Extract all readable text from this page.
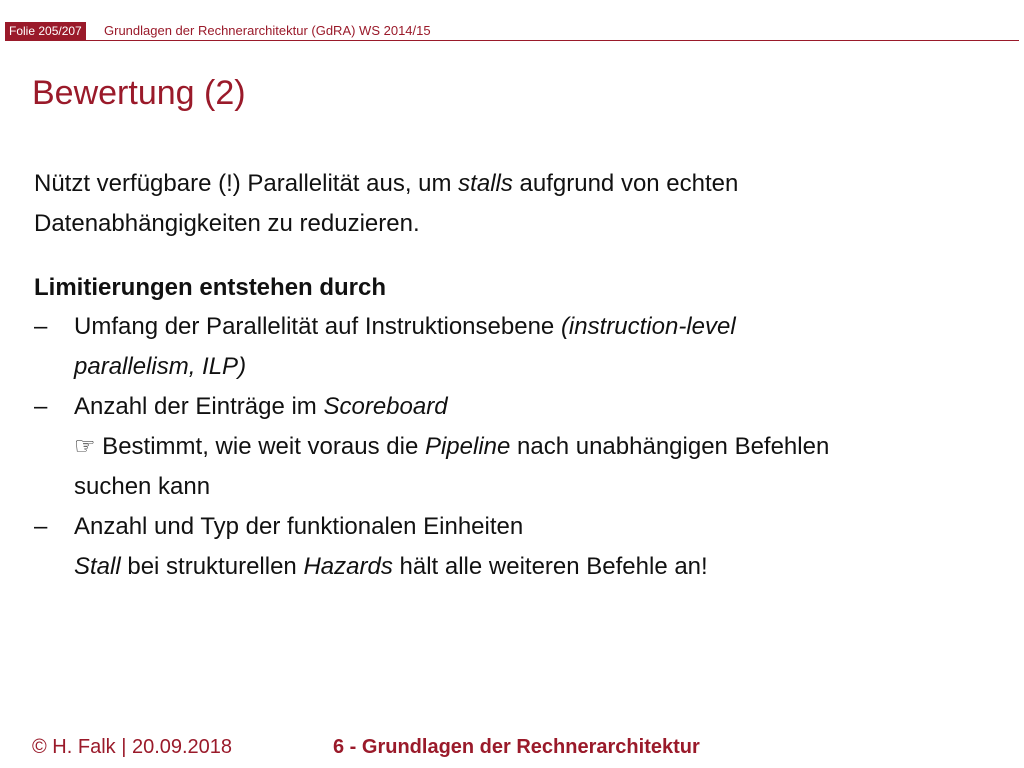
Folie 205/207	Grundlagen der Rechnerarchitektur (GdRA) WS 2014/15
Bewertung (2)
Nützt verfügbare (!) Parallelität aus, um stalls aufgrund von echten
Datenabhängigkeiten zu reduzieren.
Limitierungen entstehen durch
– Umfang der Parallelität auf Instruktionsebene (instruction-level
parallelism, ILP)
– Anzahl der Einträge im Scoreboard
☞ Bestimmt, wie weit voraus die Pipeline nach unabhängigen Befehlen
suchen kann
– Anzahl und Typ der funktionalen Einheiten
Stall bei strukturellen Hazards hält alle weiteren Befehle an!
© H. Falk | 20.09.2018	6 - Grundlagen der Rechnerarchitektur
